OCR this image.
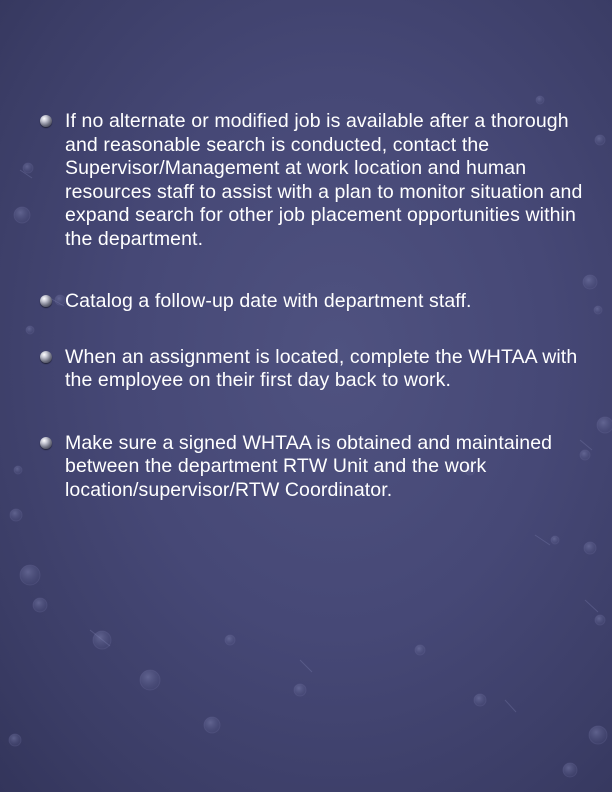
If no alternate or modified job is available after a thorough and reasonable search is conducted, contact the Supervisor/Management at work location and human resources staff to assist with a plan to monitor situation and expand search for other job placement opportunities within the department.
Catalog a follow-up date with department staff.
When an assignment is located, complete the WHTAA with the employee on their first day back to work.
Make sure a signed WHTAA is obtained and maintained between the department RTW Unit and the work location/supervisor/RTW Coordinator.
